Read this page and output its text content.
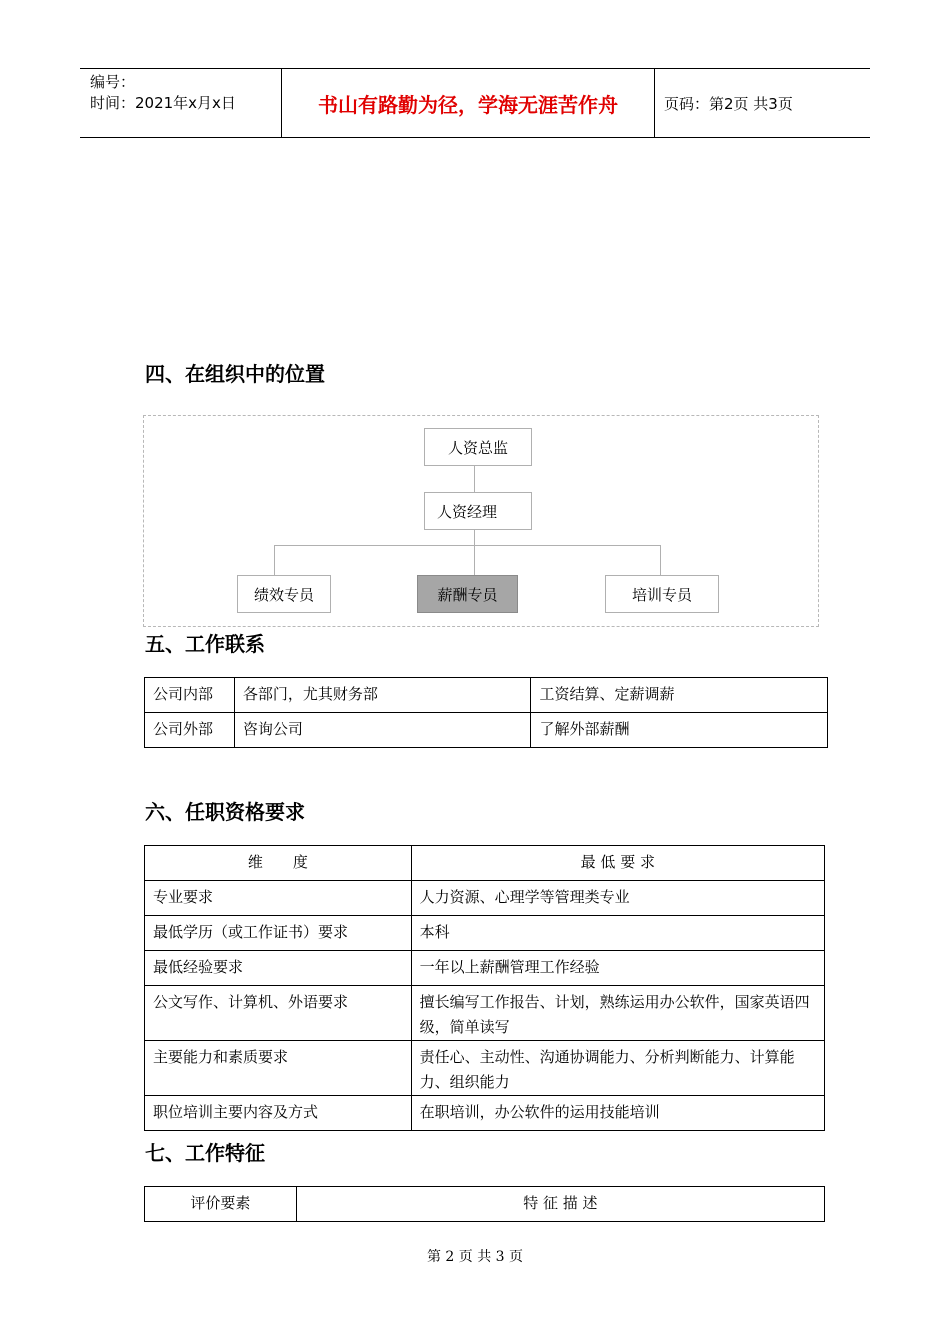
编号：
时间：2021年x月x日	书山有路勤为径，学海无涯苦作舟	页码：第2页 共3页
四、在组织中的位置
人资总监
人资经理
绩效专员	薪酬专员	培训专员
五、工作联系
公司内部	各部门，尤其财务部	工资结算、定薪调薪
公司外部	咨询公司	了解外部薪酬
六、任职资格要求
维　　度	最 低 要 求
专业要求	人力资源、心理学等管理类专业
最低学历（或工作证书）要求	本科
最低经验要求	一年以上薪酬管理工作经验
公文写作、计算机、外语要求	擅长编写工作报告、计划，熟练运用办公软件，国家英语四级，简单读写
主要能力和素质要求	责任心、主动性、沟通协调能力、分析判断能力、计算能力、组织能力
职位培训主要内容及方式	在职培训，办公软件的运用技能培训
七、工作特征
评价要素	特 征 描 述
第 2 页 共 3 页
